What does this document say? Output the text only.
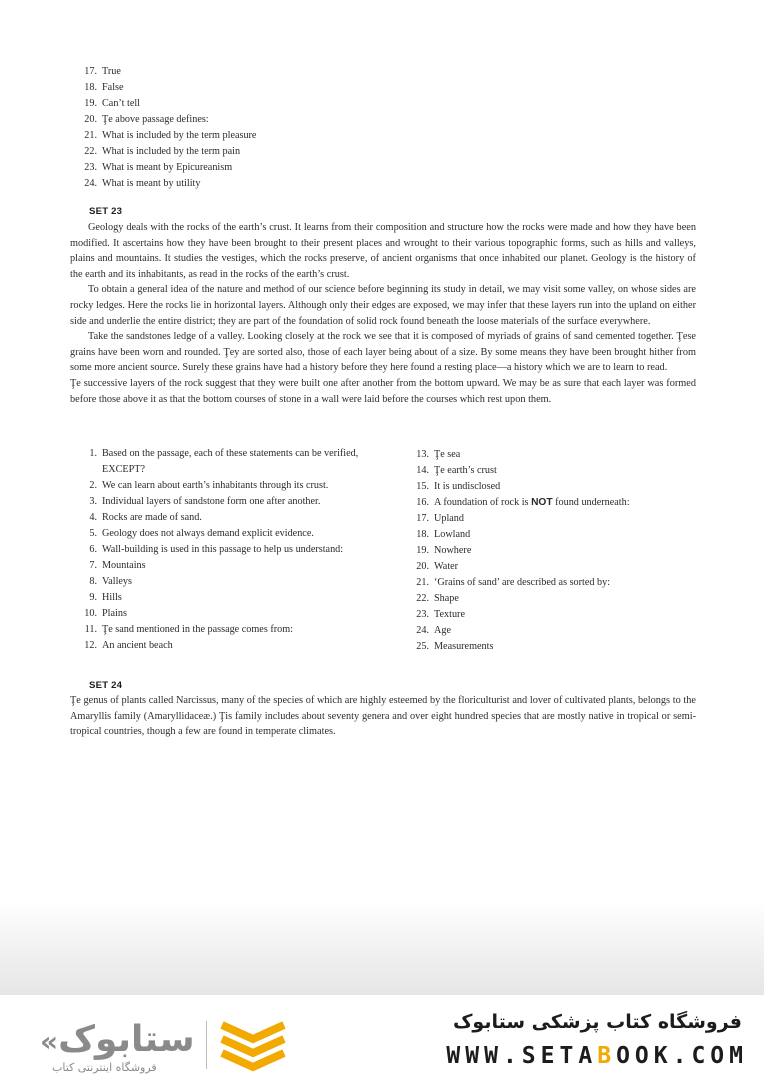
17. True
18. False
19. Can’t tell
20. Ţe above passage defines:
21. What is included by the term pleasure
22. What is included by the term pain
23. What is meant by Epicureanism
24. What is meant by utility
SET 23

Geology deals with the rocks of the earth’s crust. It learns from their composition and structure how the rocks were made and how they have been modified. It ascertains how they have been brought to their present places and wrought to their various topographic forms, such as hills and valleys, plains and mountains. It studies the vestiges, which the rocks preserve, of ancient organisms that once inhabited our planet. Geology is the history of the earth and its inhabitants, as read in the rocks of the earth’s crust.

To obtain a general idea of the nature and method of our science before beginning its study in detail, we may visit some valley, on whose sides are rocky ledges. Here the rocks lie in horizontal layers. Although only their edges are exposed, we may infer that these layers run into the upland on either side and underlie the entire district; they are part of the foundation of solid rock found beneath the loose materials of the surface everywhere.

Take the sandstones ledge of a valley. Looking closely at the rock we see that it is composed of myriads of grains of sand cemented together. Ţese grains have been worn and rounded. Ţey are sorted also, those of each layer being about of a size. By some means they have been brought hither from some more ancient source. Surely these grains have had a history before they here found a resting place—a history which we are to learn to read.

Ţe successive layers of the rock suggest that they were built one after another from the bottom upward. We may be as sure that each layer was formed before those above it as that the bottom courses of stone in a wall were laid before the courses which rest upon them.

1. Based on the passage, each of these statements can be verified, EXCEPT?
2. We can learn about earth’s inhabitants through its crust.
3. Individual layers of sandstone form one after another.
4. Rocks are made of sand.
5. Geology does not always demand explicit evidence.
6. Wall-building is used in this passage to help us understand:
7. Mountains
8. Valleys
9. Hills
10. Plains
11. Ţe sand mentioned in the passage comes from:
12. An ancient beach
13. Ţe sea
14. Ţe earth’s crust
15. It is undisclosed
16. A foundation of rock is NOT found underneath:
17. Upland
18. Lowland
19. Nowhere
20. Water
21. ‘Grains of sand’ are described as sorted by:
22. Shape
23. Texture
24. Age
25. Measurements
SET 24

Ţe genus of plants called Narcissus, many of the species of which are highly esteemed by the floriculturist and lover of cultivated plants, belongs to the Amaryllis family (Amaryllidaceæ.) Ţis family includes about seventy genera and over eight hundred species that are mostly native in tropical or semi-tropical countries, though a few are found in temperate climates.

«ستابوک
فروشگاه اینترنتی کتاب
فروشگاه کتاب پزشکی ستابوک
WWW.SETABOOK.COM
